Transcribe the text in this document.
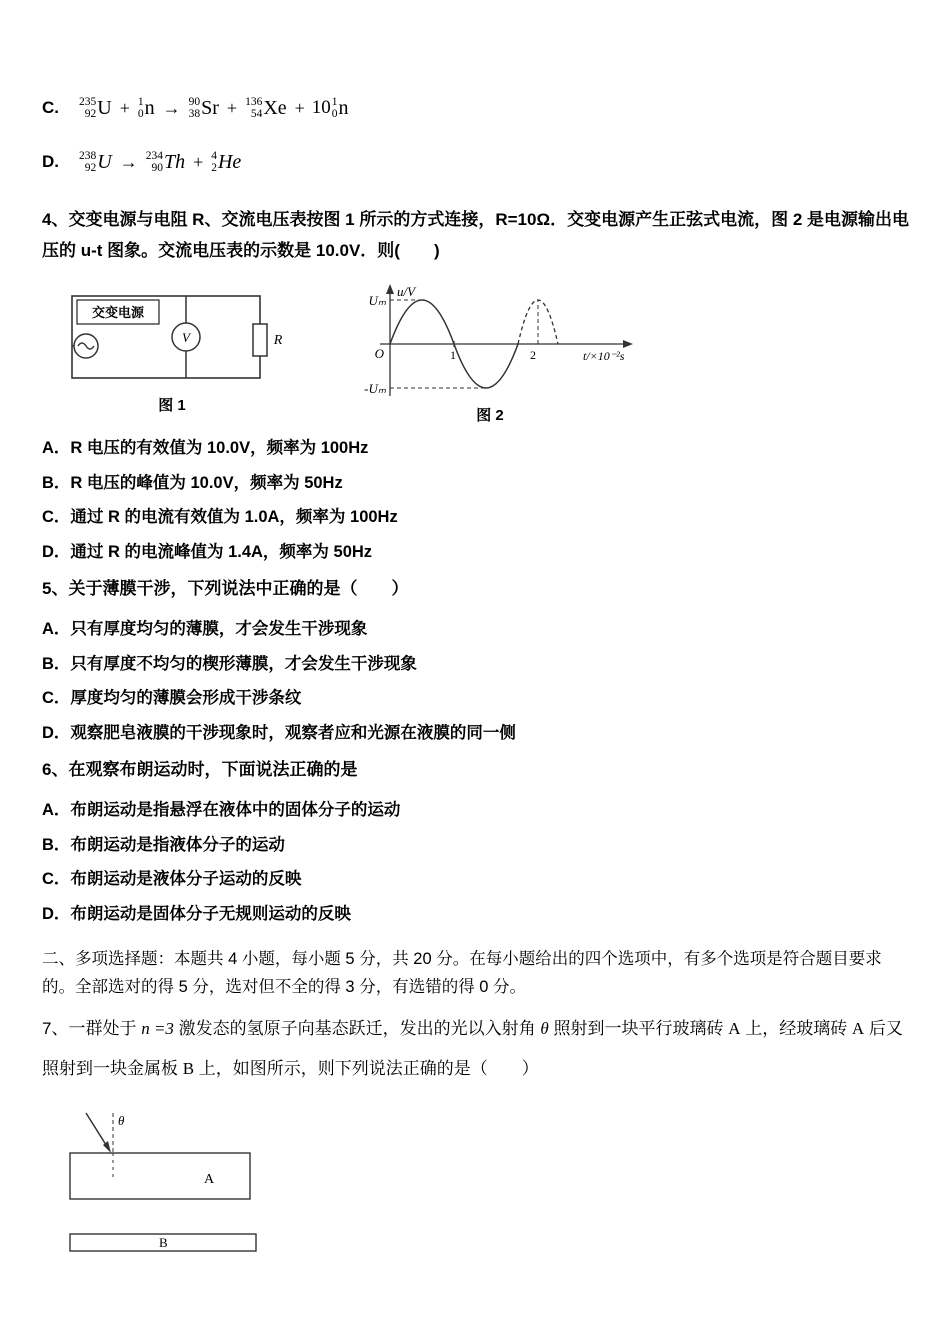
C.	235
92 U + 1
0 n → 90
38 Sr + 136
54 Xe + 10 1
0 n
D.	238
92 U → 234
90 Th + 4
2 He

4、交变电源与电阻 R、交流电压表按图 1 所示的方式连接，R=10Ω．交变电源产生正弦式电流，图 2 是电源输出电压的 u-t 图象。交流电压表的示数是 10.0V．则(　　)

交变电源
V	R
图 1
u/V
Uₘ
-Uₘ
O	1	2	t/×10⁻²s
图 2
A．R 电压的有效值为 10.0V，频率为 100Hz
B．R 电压的峰值为 10.0V，频率为 50Hz
C．通过 R 的电流有效值为 1.0A，频率为 100Hz
D．通过 R 的电流峰值为 1.4A，频率为 50Hz

5、关于薄膜干涉，下列说法中正确的是（　　）

A．只有厚度均匀的薄膜，才会发生干涉现象
B．只有厚度不均匀的楔形薄膜，才会发生干涉现象
C．厚度均匀的薄膜会形成干涉条纹
D．观察肥皂液膜的干涉现象时，观察者应和光源在液膜的同一侧

6、在观察布朗运动时，下面说法正确的是

A．布朗运动是指悬浮在液体中的固体分子的运动
B．布朗运动是指液体分子的运动
C．布朗运动是液体分子运动的反映
D．布朗运动是固体分子无规则运动的反映

二、多项选择题：本题共 4 小题，每小题 5 分，共 20 分。在每小题给出的四个选项中，有多个选项是符合题目要求的。全部选对的得 5 分，选对但不全的得 3 分，有选错的得 0 分。

7、一群处于 n =3 激发态的氢原子向基态跃迁，发出的光以入射角 θ 照射到一块平行玻璃砖 A 上，经玻璃砖 A 后又照射到一块金属板 B 上，如图所示，则下列说法正确的是（　　）

θ
A
B
